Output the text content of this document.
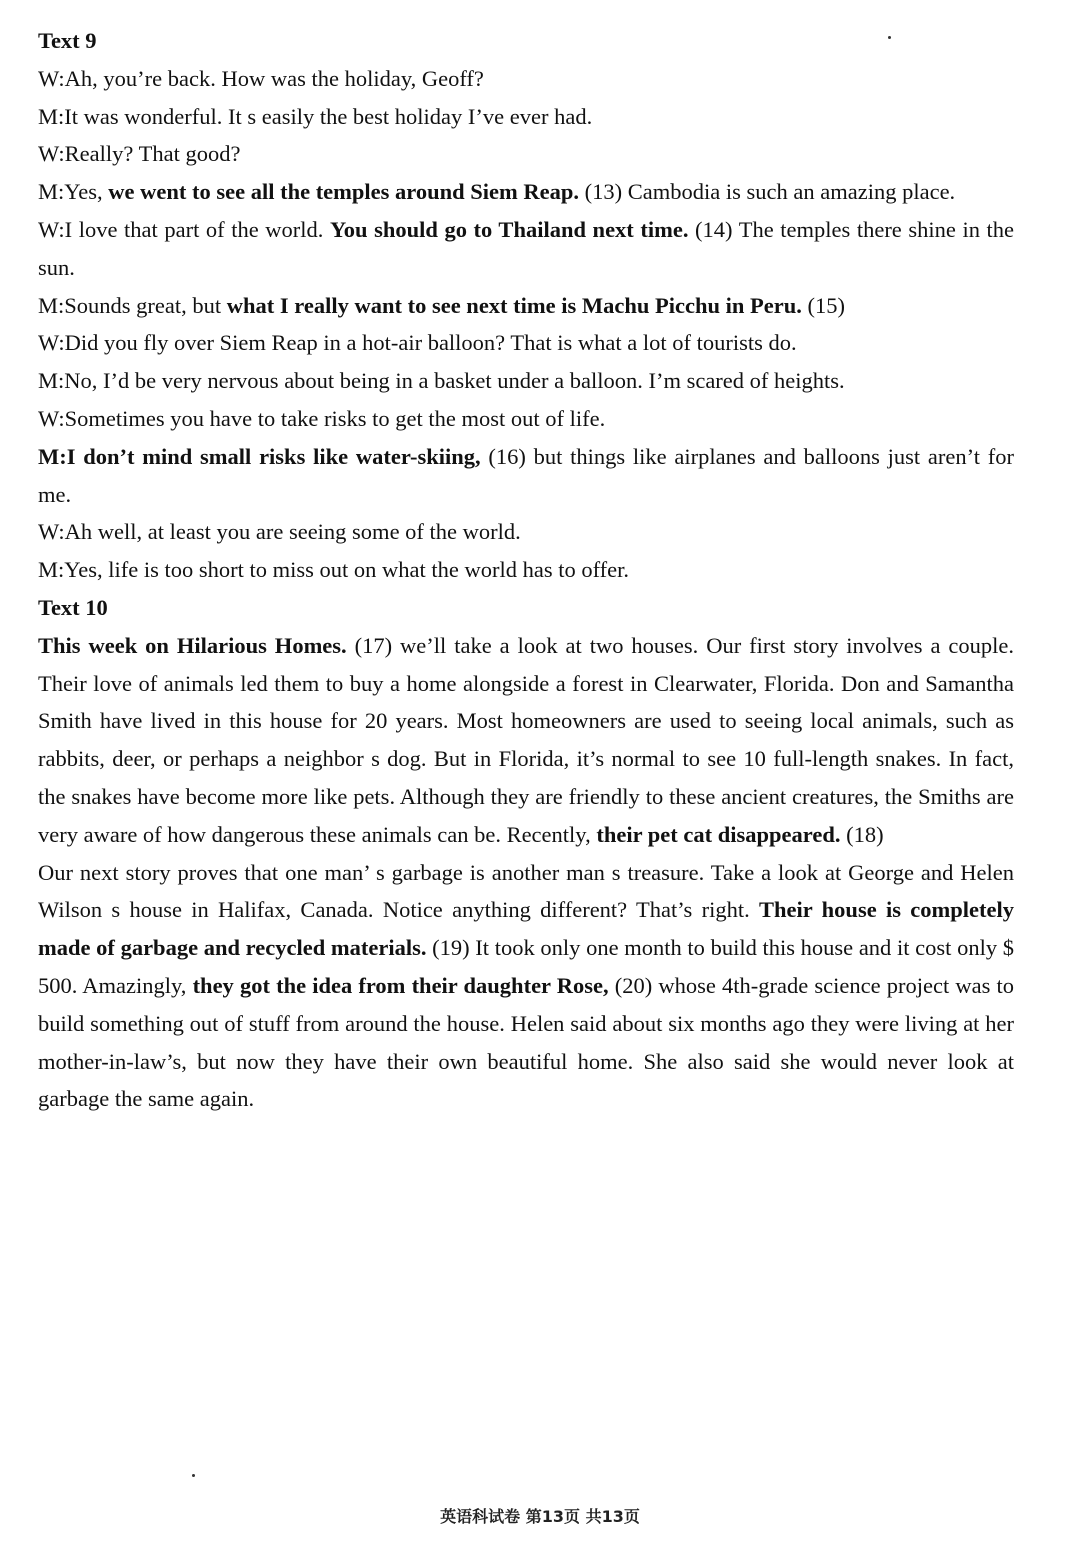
Text 9

W:Ah, you’re back. How was the holiday, Geoff?

M:It was wonderful. It s easily the best holiday I’ve ever had.

W:Really? That good?

M:Yes, we went to see all the temples around Siem Reap. (13) Cambodia is such an amazing place.

W:I love that part of the world. You should go to Thailand next time. (14) The temples there shine in the sun.

M:Sounds great, but what I really want to see next time is Machu Picchu in Peru. (15)

W:Did you fly over Siem Reap in a hot-air balloon? That is what a lot of tourists do.

M:No, I’d be very nervous about being in a basket under a balloon. I’m scared of heights.

W:Sometimes you have to take risks to get the most out of life.

M:I don’t mind small risks like water-skiing, (16) but things like airplanes and balloons just aren’t for me.

W:Ah well, at least you are seeing some of the world.

M:Yes, life is too short to miss out on what the world has to offer.

Text 10

This week on Hilarious Homes. (17) we’ll take a look at two houses. Our first story involves a couple. Their love of animals led them to buy a home alongside a forest in Clearwater, Florida. Don and Samantha Smith have lived in this house for 20 years. Most homeowners are used to seeing local animals, such as rabbits, deer, or perhaps a neighbor s dog. But in Florida, it’s normal to see 10 full-length snakes. In fact, the snakes have become more like pets. Although they are friendly to these ancient creatures, the Smiths are very aware of how dangerous these animals can be. Recently, their pet cat disappeared. (18)

Our next story proves that one man’ s garbage is another man s treasure. Take a look at George and Helen Wilson s house in Halifax, Canada. Notice anything different? That’s right. Their house is completely made of garbage and recycled materials. (19) It took only one month to build this house and it cost only $ 500. Amazingly, they got the idea from their daughter Rose, (20) whose 4th-grade science project was to build something out of stuff from around the house. Helen said about six months ago they were living at her mother-in-law’s, but now they have their own beautiful home. She also said she would never look at garbage the same again.

英语科试卷 第13页 共13页
